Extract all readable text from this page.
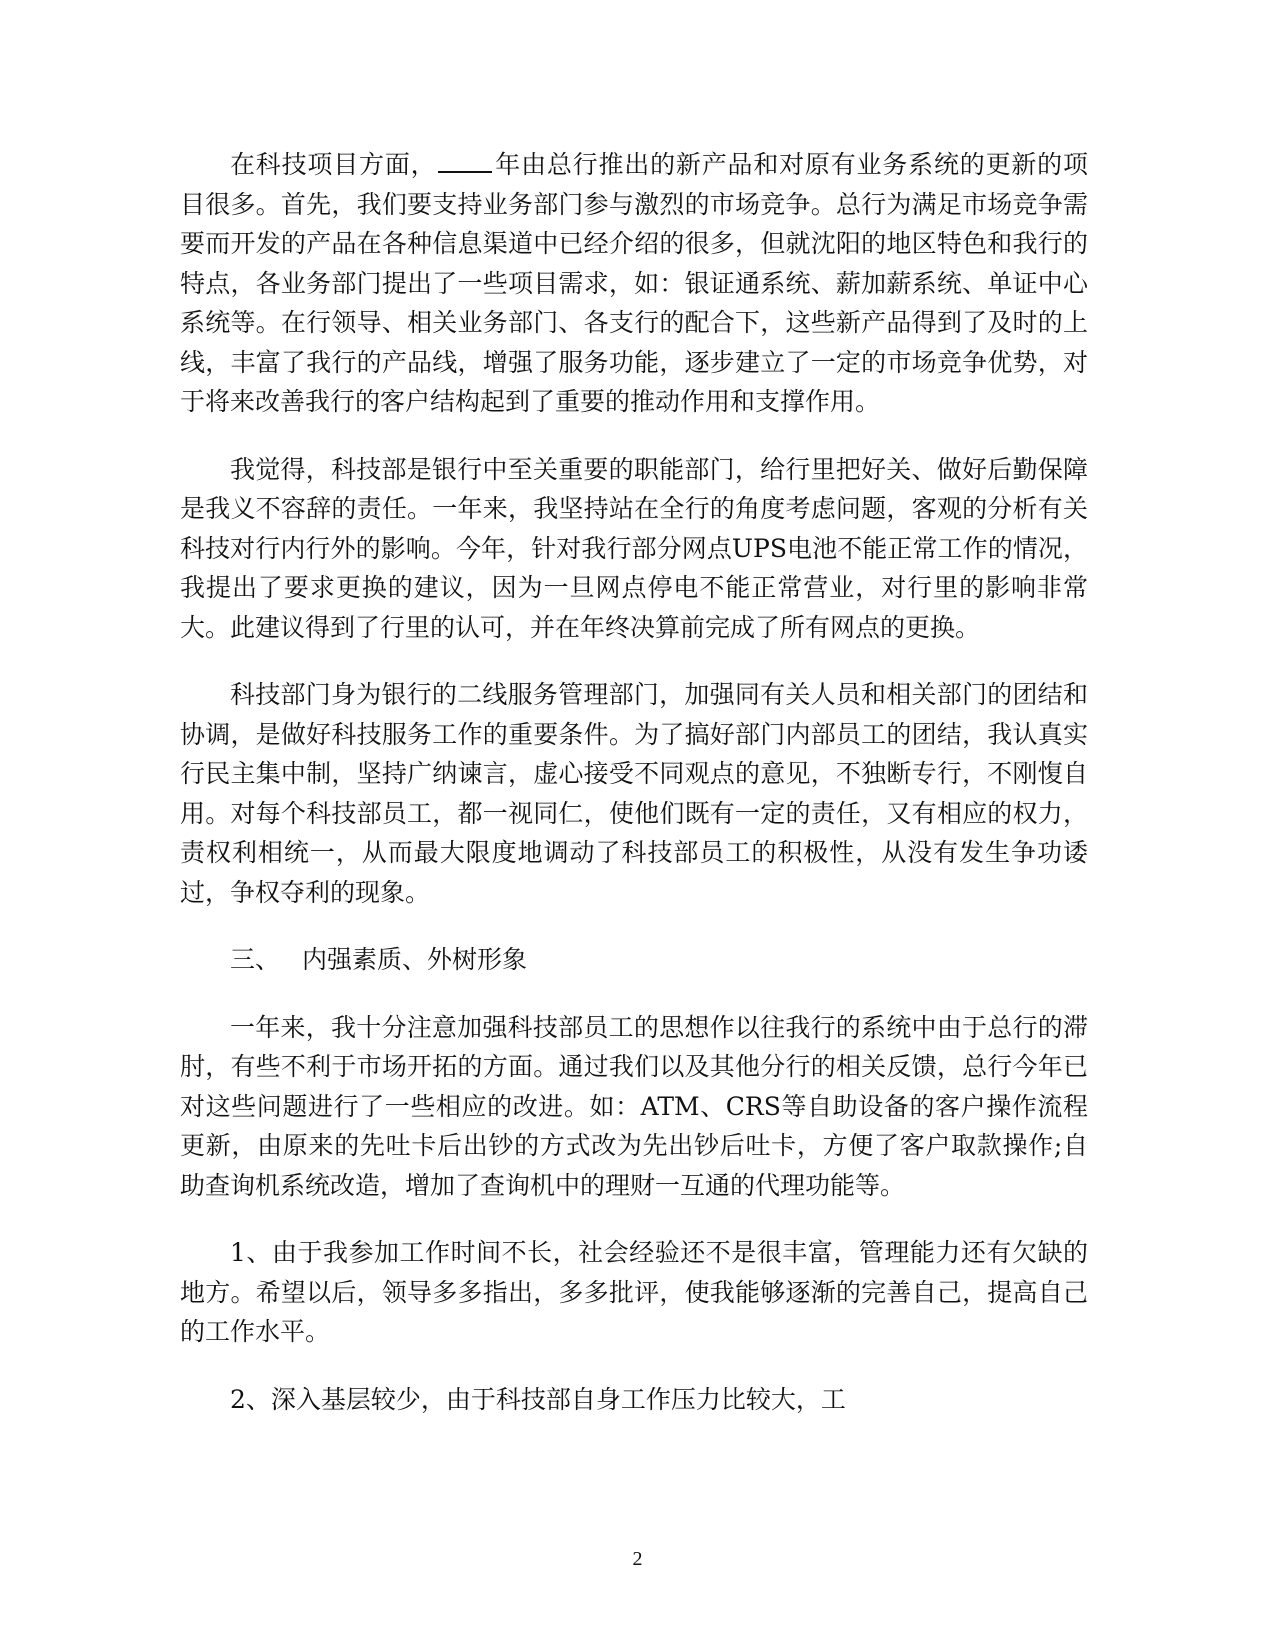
在科技项目方面， 年由总行推出的新产品和对原有业务系统的更新的项目很多。首先，我们要支持业务部门参与激烈的市场竞争。总行为满足市场竞争需要而开发的产品在各种信息渠道中已经介绍的很多，但就沈阳的地区特色和我行的特点，各业务部门提出了一些项目需求，如：银证通系统、薪加薪系统、单证中心系统等。在行领导、相关业务部门、各支行的配合下，这些新产品得到了及时的上线，丰富了我行的产品线，增强了服务功能，逐步建立了一定的市场竞争优势，对于将来改善我行的客户结构起到了重要的推动作用和支撑作用。

我觉得，科技部是银行中至关重要的职能部门，给行里把好关、做好后勤保障是我义不容辞的责任。一年来，我坚持站在全行的角度考虑问题，客观的分析有关科技对行内行外的影响。今年，针对我行部分网点UPS电池不能正常工作的情况，我提出了要求更换的建议，因为一旦网点停电不能正常营业，对行里的影响非常大。此建议得到了行里的认可，并在年终决算前完成了所有网点的更换。

科技部门身为银行的二线服务管理部门，加强同有关人员和相关部门的团结和协调，是做好科技服务工作的重要条件。为了搞好部门内部员工的团结，我认真实行民主集中制，坚持广纳谏言，虚心接受不同观点的意见，不独断专行，不刚愎自用。对每个科技部员工，都一视同仁，使他们既有一定的责任，又有相应的权力，责权利相统一，从而最大限度地调动了科技部员工的积极性，从没有发生争功诿过，争权夺利的现象。

三、 内强素质、外树形象

一年来，我十分注意加强科技部员工的思想作以往我行的系统中由于总行的滞肘，有些不利于市场开拓的方面。通过我们以及其他分行的相关反馈，总行今年已对这些问题进行了一些相应的改进。如：ATM、CRS等自助设备的客户操作流程更新，由原来的先吐卡后出钞的方式改为先出钞后吐卡，方便了客户取款操作;自助查询机系统改造，增加了查询机中的理财一互通的代理功能等。

1、由于我参加工作时间不长，社会经验还不是很丰富，管理能力还有欠缺的地方。希望以后，领导多多指出，多多批评，使我能够逐渐的完善自己，提高自己的工作水平。

2、深入基层较少，由于科技部自身工作压力比较大，工

2
